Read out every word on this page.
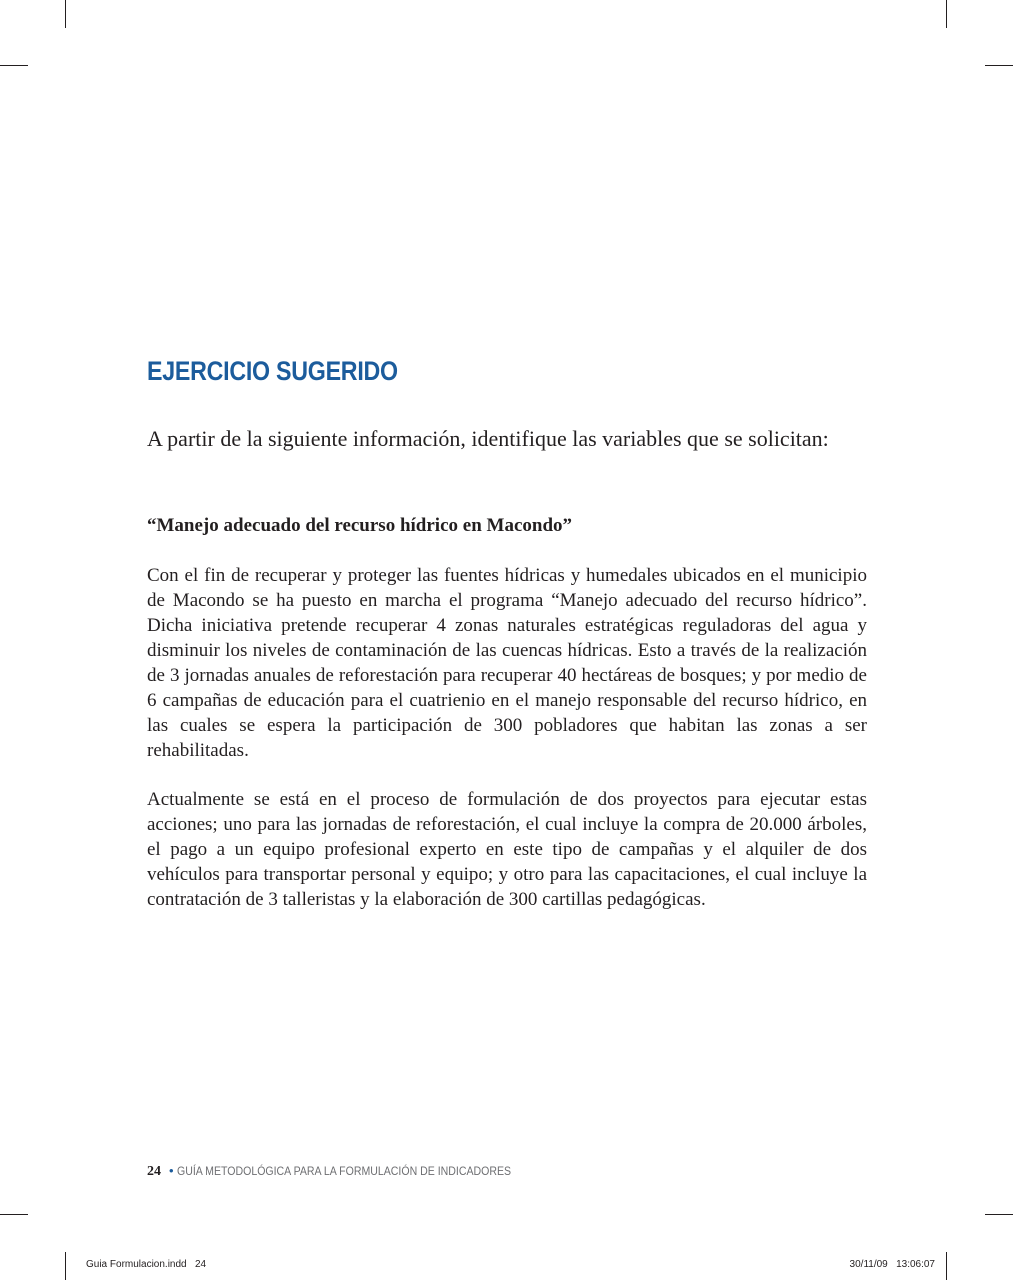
EJERCICIO SUGERIDO

A partir de la siguiente información, identifique las variables que se solicitan:

“Manejo adecuado del recurso hídrico en Macondo”

Con el fin de recuperar y proteger las fuentes hídricas y humedales ubicados en el municipio de Macondo se ha puesto en marcha el programa “Manejo adecuado del recurso hídrico”. Dicha iniciativa pretende recuperar 4 zonas naturales estratégicas reguladoras del agua y disminuir los niveles de contaminación de las cuencas hídricas. Esto a través de la realización de 3 jornadas anuales de reforestación para recuperar 40 hectáreas de bosques; y por medio de 6 campañas de educación para el cuatrienio en el manejo responsable del recurso hídrico, en las cuales se espera la participación de 300 pobladores que habitan las zonas a ser rehabilitadas.

Actualmente se está en el proceso de formulación de dos proyectos para ejecutar estas acciones; uno para las jornadas de reforestación, el cual incluye la compra de 20.000 árboles, el pago a un equipo profesional experto en este tipo de campañas y el alquiler de dos vehículos para transportar personal y equipo; y otro para las capacitaciones, el cual incluye la contratación de 3 talleristas y la elaboración de 300 cartillas pedagógicas.

24 • GUÍA METODOLÓGICA PARA LA FORMULACIÓN DE INDICADORES
Guia Formulacion.indd   24	30/11/09   13:06:07
